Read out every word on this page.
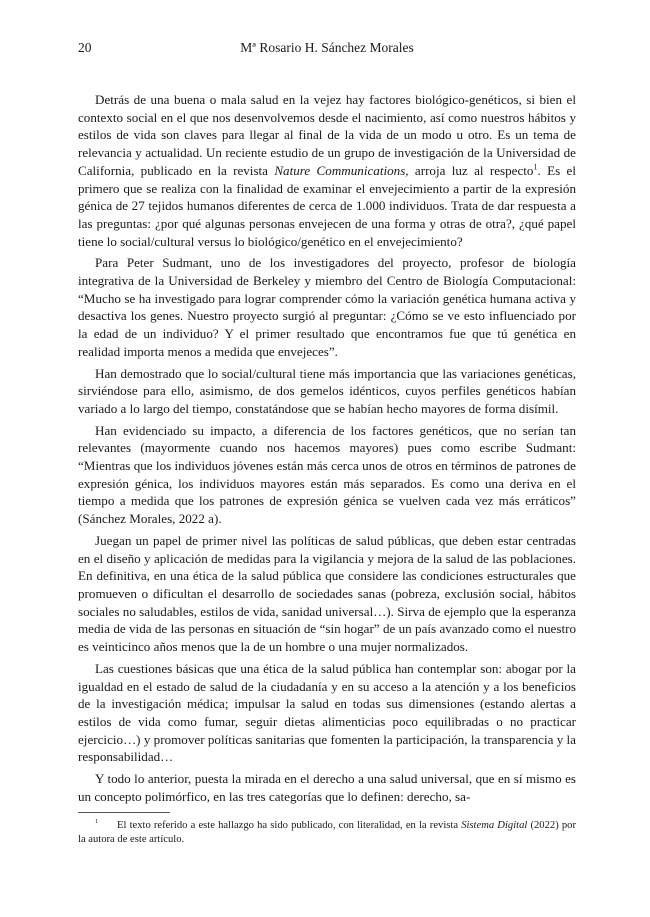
20	Mª Rosario H. Sánchez Morales

Detrás de una buena o mala salud en la vejez hay factores biológico-genéticos, si bien el contexto social en el que nos desenvolvemos desde el nacimiento, así como nuestros hábitos y estilos de vida son claves para llegar al final de la vida de un modo u otro. Es un tema de relevancia y actualidad. Un reciente estudio de un grupo de investigación de la Universidad de California, publicado en la revista Nature Communications, arroja luz al respecto$^1$. Es el primero que se realiza con la finalidad de examinar el envejecimiento a partir de la expresión génica de 27 tejidos humanos diferentes de cerca de 1.000 individuos. Trata de dar respuesta a las preguntas: ¿por qué algunas personas envejecen de una forma y otras de otra?, ¿qué papel tiene lo social/cultural versus lo biológico/genético en el envejecimiento?

Para Peter Sudmant, uno de los investigadores del proyecto, profesor de biología integrativa de la Universidad de Berkeley y miembro del Centro de Biología Computacional: “Mucho se ha investigado para lograr comprender cómo la variación genética humana activa y desactiva los genes. Nuestro proyecto surgió al preguntar: ¿Cómo se ve esto influenciado por la edad de un individuo? Y el primer resultado que encontramos fue que tú genética en realidad importa menos a medida que envejeces”.

Han demostrado que lo social/cultural tiene más importancia que las variaciones genéticas, sirviéndose para ello, asimismo, de dos gemelos idénticos, cuyos perfiles genéticos habían variado a lo largo del tiempo, constatándose que se habían hecho mayores de forma disímil.

Han evidenciado su impacto, a diferencia de los factores genéticos, que no serían tan relevantes (mayormente cuando nos hacemos mayores) pues como escribe Sudmant: “Mientras que los individuos jóvenes están más cerca unos de otros en términos de patrones de expresión génica, los individuos mayores están más separados. Es como una deriva en el tiempo a medida que los patrones de expresión génica se vuelven cada vez más erráticos” (Sánchez Morales, 2022 a).

Juegan un papel de primer nivel las políticas de salud públicas, que deben estar centradas en el diseño y aplicación de medidas para la vigilancia y mejora de la salud de las poblaciones. En definitiva, en una ética de la salud pública que considere las condiciones estructurales que promueven o dificultan el desarrollo de sociedades sanas (pobreza, exclusión social, hábitos sociales no saludables, estilos de vida, sanidad universal…). Sirva de ejemplo que la esperanza media de vida de las personas en situación de “sin hogar” de un país avanzado como el nuestro es veinticinco años menos que la de un hombre o una mujer normalizados.

Las cuestiones básicas que una ética de la salud pública han contemplar son: abogar por la igualdad en el estado de salud de la ciudadanía y en su acceso a la atención y a los beneficios de la investigación médica; impulsar la salud en todas sus dimensiones (estando alertas a estilos de vida como fumar, seguir dietas alimenticias poco equilibradas o no practicar ejercicio…) y promover políticas sanitarias que fomenten la participación, la transparencia y la responsabilidad…

Y todo lo anterior, puesta la mirada en el derecho a una salud universal, que en sí mismo es un concepto polimórfico, en las tres categorías que lo definen: derecho, sa-

$^1$ El texto referido a este hallazgo ha sido publicado, con literalidad, en la revista Sistema Digital (2022) por la autora de este artículo.
